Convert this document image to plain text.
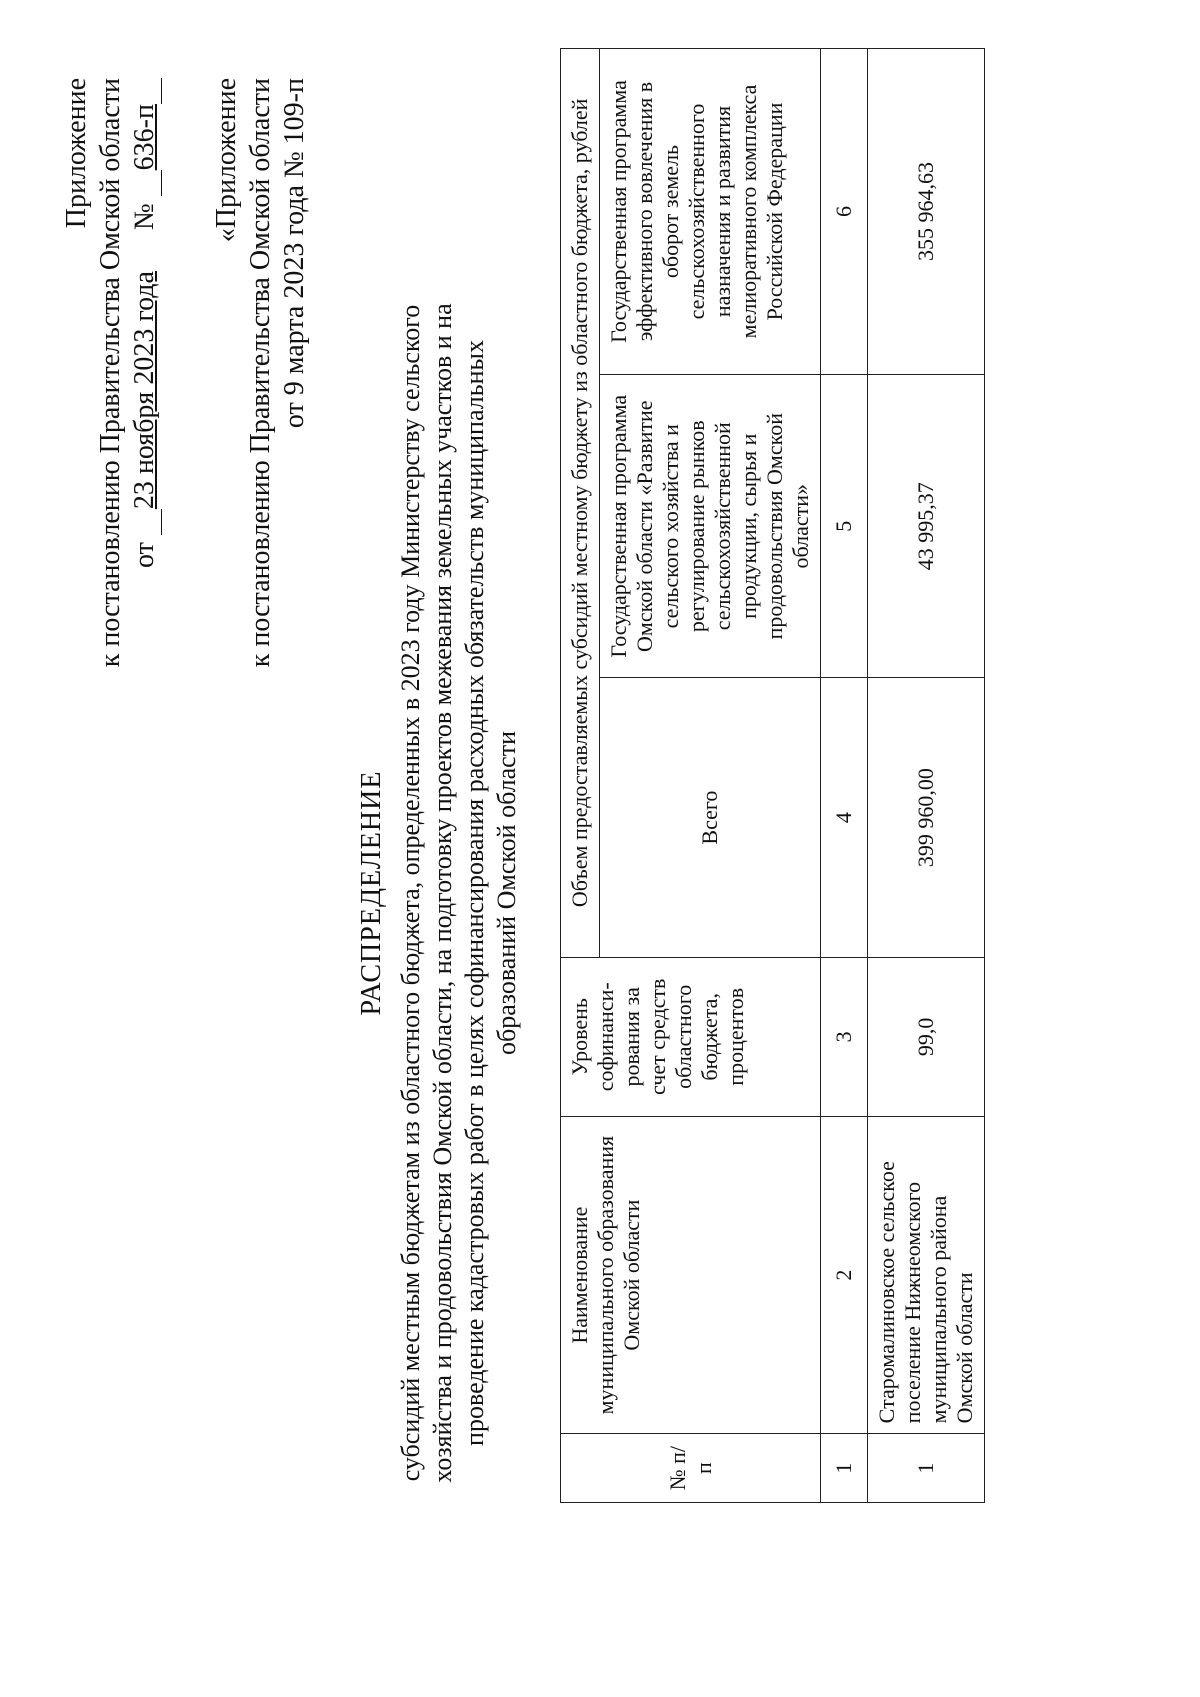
Приложение к постановлению Правительства Омской области от 23 ноября 2023 года № 636-п «Приложение к постановлению Правительства Омской области от 9 марта 2023 года № 109-п
РАСПРЕДЕЛЕНИЕ субсидий местным бюджетам из областного бюджета, определенных в 2023 году Министерству сельского хозяйства и продовольствия Омской области, на подготовку проектов межевания земельных участков и на проведение кадастровых работ в целях софинансирования расходных обязательств муниципальных образований Омской области
№ п/п	Наименование муниципального образования Омской области	Уровень софинанси-рования за счет средств областного бюджета, процентов	Объем предоставляемых субсидий местному бюджету из областного бюджета, рублей		
			Всего	Государственная программа Омской области «Развитие сельского хозяйства и регулирование рынков сельскохозяйственной продукции, сырья и продовольствия Омской области»	Государственная программа эффективного вовлечения в оборот земель сельскохозяйственного назначения и развития мелиоративного комплекса Российской Федерации
1	2	3	4	5	6
1	Старомалиновское сельское поселение Нижнеомского муниципального района Омской области	99,0	399 960,00	43 995,37	355 964,63
